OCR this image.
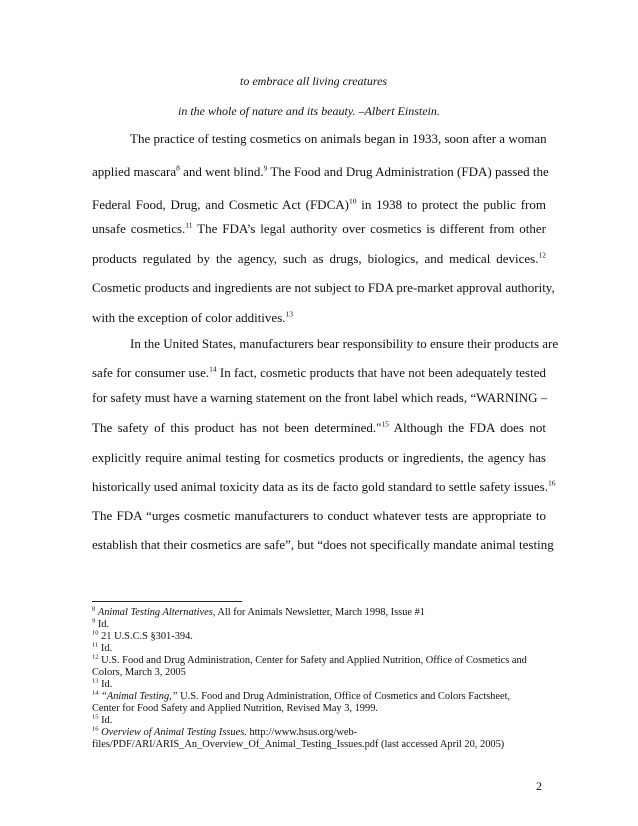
to embrace all living creatures
in the whole of nature and its beauty. –Albert Einstein.
The practice of testing cosmetics on animals began in 1933, soon after a woman
applied mascara$^8$ and went blind.$^9$ The Food and Drug Administration (FDA) passed the
Federal Food, Drug, and Cosmetic Act (FDCA)$^{10}$ in 1938 to protect the public from
unsafe cosmetics.$^{11}$ The FDA’s legal authority over cosmetics is different from other
products regulated by the agency, such as drugs, biologics, and medical devices.$^{12}$
Cosmetic products and ingredients are not subject to FDA pre-market approval authority,
with the exception of color additives.$^{13}$
In the United States, manufacturers bear responsibility to ensure their products are
safe for consumer use.$^{14}$ In fact, cosmetic products that have not been adequately tested
for safety must have a warning statement on the front label which reads, “WARNING –
The safety of this product has not been determined."$^{15}$ Although the FDA does not
explicitly require animal testing for cosmetics products or ingredients, the agency has
historically used animal toxicity data as its de facto gold standard to settle safety issues.$^{16}$
The FDA “urges cosmetic manufacturers to conduct whatever tests are appropriate to
establish that their cosmetics are safe”, but “does not specifically mandate animal testing
$^8$ Animal Testing Alternatives, All for Animals Newsletter, March 1998, Issue #1
$^9$ Id.
$^{10}$ 21 U.S.C.S §301-394.
$^{11}$ Id.
$^{12}$ U.S. Food and Drug Administration, Center for Safety and Applied Nutrition, Office of Cosmetics and
Colors, March 3, 2005
$^{13}$ Id.
$^{14}$ “Animal Testing,” U.S. Food and Drug Administration, Office of Cosmetics and Colors Factsheet,
Center for Food Safety and Applied Nutrition, Revised May 3, 1999.
$^{15}$ Id.
$^{16}$ Overview of Animal Testing Issues. http://www.hsus.org/web-
files/PDF/ARI/ARIS_An_Overview_Of_Animal_Testing_Issues.pdf (last accessed April 20, 2005)
2
